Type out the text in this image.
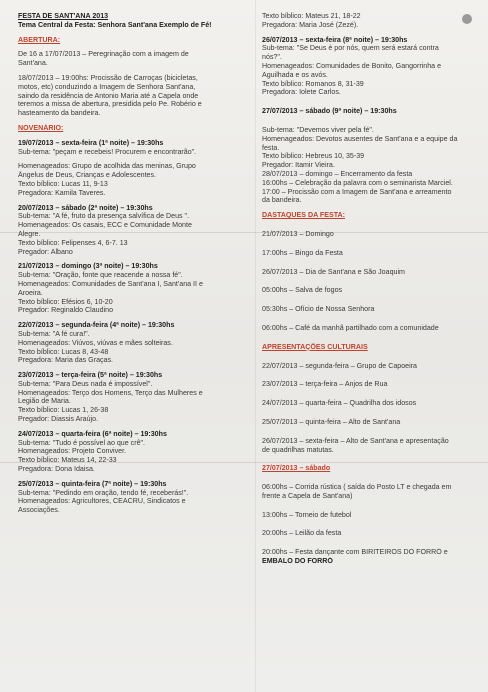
FESTA DE SANT'ANA 2013
Tema Central da Festa: Senhora Sant'ana Exemplo de Fé!
ABERTURA:
De 16 a 17/07/2013 – Peregrinação com a imagem de
Sant'ana.
18/07/2013 – 19:00hs: Procissão de Carroças (bicicletas,
motos, etc) conduzindo a Imagem de Senhora Sant'ana,
saindo da residência de Antonio Maria até a Capela onde
teremos a missa de abertura, presidida pelo Pe. Robério e
hasteamento da bandeira.
NOVENÁRIO:
19/07/2013 – sexta-feira (1ª noite) – 19:30hs
Sub-tema: "peçam e recebeis! Procurem e encontrarão".
Homenageados: Grupo de acolhida das meninas, Grupo
Ângelus de Deus, Crianças e Adolescentes.
Texto bíblico: Lucas 11, 9-13
Pregadora: Kamila Taveres.
20/07/2013 – sábado (2ª noite) – 19:30hs
Sub-tema: "A fé, fruto da presença salvífica de Deus ".
Homenageados: Os casais, ECC e Comunidade Monte
Alegre.
Texto bíblico: Felipenses 4, 6-7. 13
Pregador: Albano
21/07/2013 – domingo (3ª noite) – 19:30hs
Sub-tema: "Oração, fonte que reacende a nossa fé".
Homenageados: Comunidades de Sant'ana I, Sant'ana II e
Aroeira.
Texto bíblico: Efésios 6, 10-20
Pregador: Reginaldo Claudino
22/07/2013 – segunda-feira (4ª noite) – 19:30hs
Sub-tema: "A fé cura!".
Homenageados: Viúvos, viúvas e mães solteiras.
Texto bíblico: Lucas 8, 43-48
Pregadora: Maria das Graças.
23/07/2013 – terça-feira (5ª noite) – 19:30hs
Sub-tema: "Para Deus nada é impossível".
Homenageados: Terço dos Homens, Terço das Mulheres e
Legião de Maria.
Texto bíblico: Lucas 1, 26-38
Pregador: Diassis Araújo.
24/07/2013 – quarta-feira (6ª noite) – 19:30hs
Sub-tema: "Tudo é possível ao que crê".
Homenageados: Projeto Conviver.
Texto bíblico: Mateus 14, 22-33
Pregadora: Dona Idaisa.
25/07/2013 – quinta-feira (7ª noite) – 19:30hs
Sub-tema: "Pedindo em oração, tendo fé, receberás!".
Homenageados: Agricultores, CEACRU, Sindicatos e
Associações.
Texto bíblico: Mateus 21, 18-22
Pregadora: Maria José (Zezé).
26/07/2013 – sexta-feira (8ª noite) – 19:30hs
Sub-tema: "Se Deus é por nós, quem será estará contra
nós?".
Homenageados: Comunidades de Bonito, Gangorrinha e
Aguilhada e os avós.
Texto bíblico: Romanos 8, 31-39
Pregadora: Iolete Carlos.
27/07/2013 – sábado (9ª noite) – 19:30hs
Sub-tema: "Devemos viver pela fé".
Homenageados: Devotos ausentes de Sant'ana e a equipe da
festa.
Texto bíblico: Hebreus 10, 35-39
Pregador: Itamir Vieira.
28/07/2013 – domingo – Encerramento da festa
16:00hs – Celebração da palavra com o seminarista Marciel.
17:00 – Procissão com a Imagem de Sant'ana e arreamento
da bandeira.
DASTAQUES DA FESTA:
21/07/2013 – Domingo
17:00hs – Bingo da Festa
26/07/2013 – Dia de Sant'ana e São Joaquim
05:00hs – Salva de fogos
05:30hs – Ofício de Nossa Senhora
06:00hs – Café da manhã partilhado com a comunidade
APRESENTAÇÕES CULTURAIS
22/07/2013 – segunda-feira – Grupo de Capoeira
23/07/2013 – terça-feira – Anjos de Rua
24/07/2013 – quarta-feira – Quadrilha dos idosos
25/07/2013 – quinta-feira – Alto de Sant'ana
26/07/2013 – sexta-feira – Alto de Sant'ana e apresentação
de quadrilhas matutas.
27/07/2013 – sábado
06:00hs – Corrida rústica ( saída do Posto LT e chegada em
frente a Capela de Sant'ana)
13:00hs – Torneio de futebol
20:00hs – Leilão da festa
20:00hs – Festa dançante com BIRITEIROS DO FORRÓ e
EMBALO DO FORRÓ
